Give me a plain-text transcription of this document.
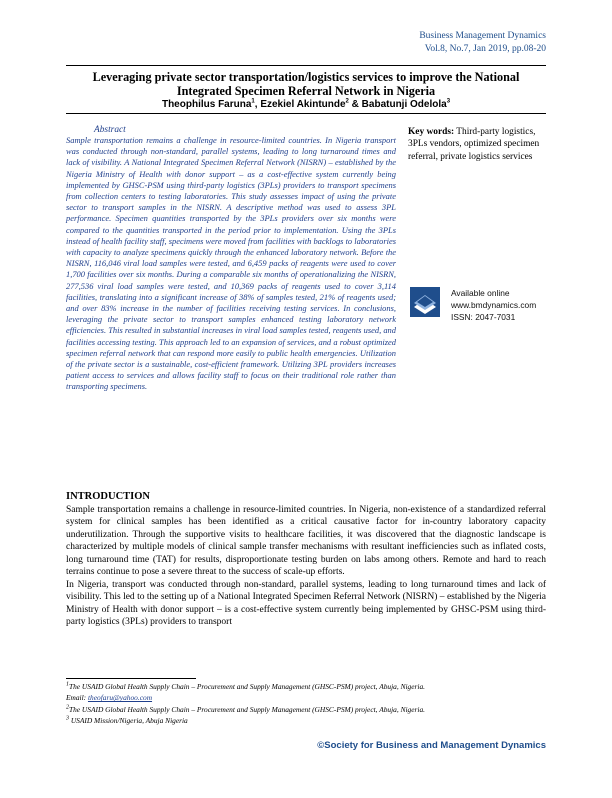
Business Management Dynamics
Vol.8, No.7, Jan 2019, pp.08-20
Leveraging private sector transportation/logistics services to improve the National
Integrated Specimen Referral Network in Nigeria
Theophilus Faruna$^1$, Ezekiel Akintunde$^2$ & Babatunji Odelola$^3$
Abstract
Sample transportation remains a challenge in resource-limited countries. In Nigeria transport was conducted through non-standard, parallel systems, leading to long turnaround times and lack of visibility. A National Integrated Specimen Referral Network (NISRN) – established by the Nigeria Ministry of Health with donor support – as a cost-effective system currently being implemented by GHSC-PSM using third-party logistics (3PLs) providers to transport specimens from collection centers to testing laboratories. This study assesses impact of using the private sector to transport samples in the NISRN. A descriptive method was used to assess 3PL performance. Specimen quantities transported by the 3PLs providers over six months were compared to the quantities transported in the period prior to implementation. Using the 3PLs instead of health facility staff, specimens were moved from facilities with backlogs to laboratories with capacity to analyze specimens quickly through the enhanced laboratory network. Before the NISRN, 116,046 viral load samples were tested, and 6,459 packs of reagents were used to cover 1,700 facilities over six months. During a comparable six months of operationalizing the NISRN, 277,536 viral load samples were tested, and 10,369 packs of reagents used to cover 3,114 facilities, translating into a significant increase of 38% of samples tested, 21% of reagents used; and over 83% increase in the number of facilities receiving testing services. In conclusions, leveraging the private sector to transport samples enhanced testing laboratory network efficiencies. This resulted in substantial increases in viral load samples tested, reagents used, and facilities accessing testing. This approach led to an expansion of services, and a robust optimized specimen referral network that can respond more easily to public health emergencies. Utilization of the private sector is a sustainable, cost-efficient framework. Utilizing 3PL providers increases patient access to services and allows facility staff to focus on their traditional role rather than transporting specimens.
Key words: Third-party logistics, 3PLs vendors, optimized specimen referral, private logistics services
Available online
www.bmdynamics.com
ISSN: 2047-7031
INTRODUCTION

Sample transportation remains a challenge in resource-limited countries. In Nigeria, non-existence of a standardized referral system for clinical samples has been identified as a critical causative factor for in-country laboratory capacity underutilization. Through the supportive visits to healthcare facilities, it was discovered that the diagnostic landscape is characterized by multiple models of clinical sample transfer mechanisms with resultant inefficiencies such as inflated costs, long turnaround time (TAT) for results, disproportionate testing burden on labs among others. Remote and hard to reach terrains continue to pose a severe threat to the success of scale-up efforts.

In Nigeria, transport was conducted through non-standard, parallel systems, leading to long turnaround times and lack of visibility. This led to the setting up of a National Integrated Specimen Referral Network (NISRN) – established by the Nigeria Ministry of Health with donor support – is a cost-effective system currently being implemented by GHSC-PSM using third-party logistics (3PLs) providers to transport

$^1$The USAID Global Health Supply Chain – Procurement and Supply Management (GHSC-PSM) project, Abuja, Nigeria.

Email: theofaru@yahoo.com

$^2$The USAID Global Health Supply Chain – Procurement and Supply Management (GHSC-PSM) project, Abuja, Nigeria.

$^3$ USAID Mission/Nigeria, Abuja Nigeria

©Society for Business and Management Dynamics
